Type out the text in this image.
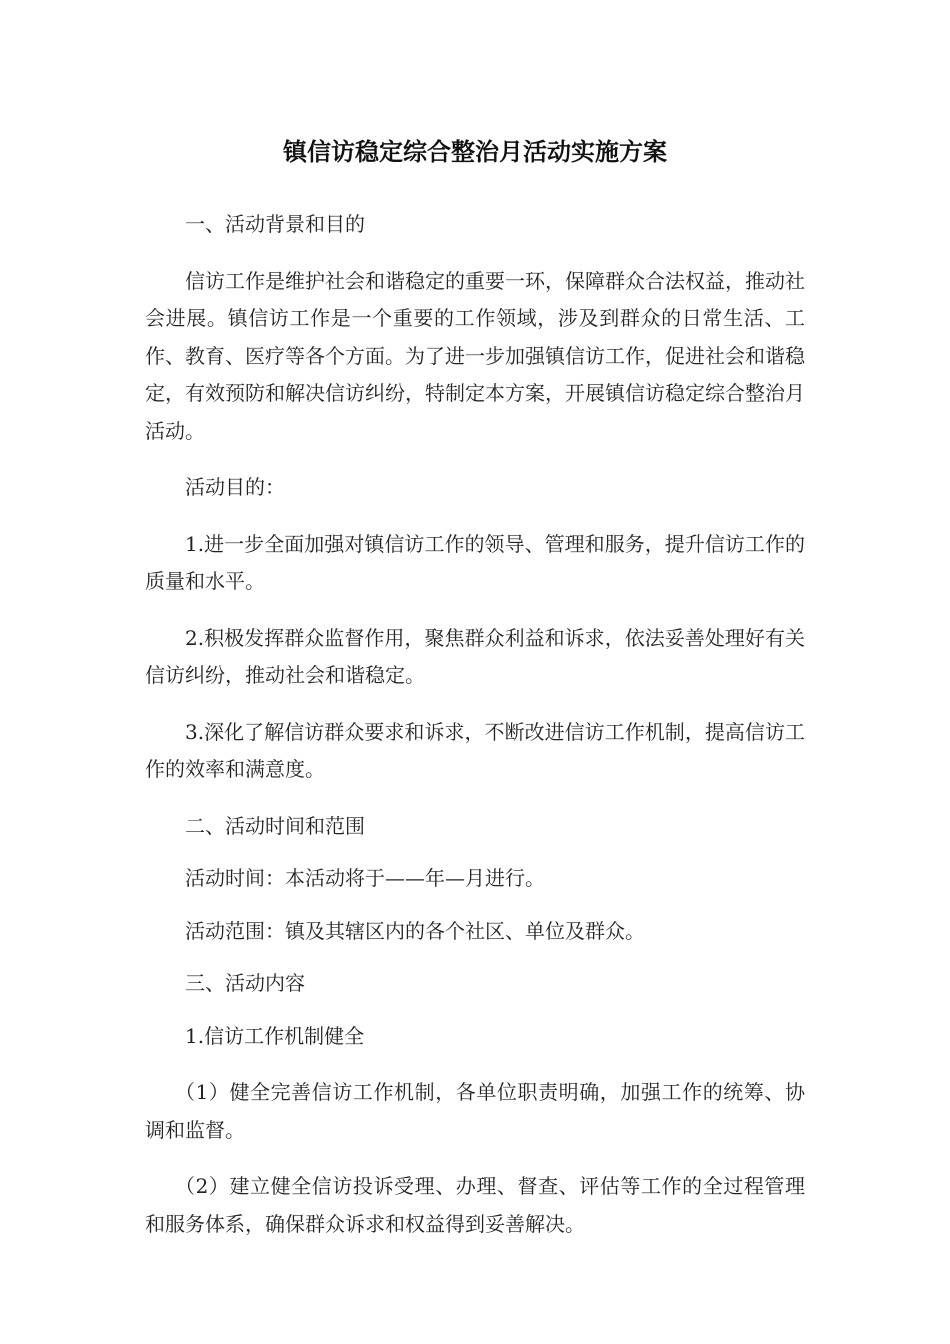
镇信访稳定综合整治月活动实施方案

一、活动背景和目的

信访工作是维护社会和谐稳定的重要一环，保障群众合法权益，推动社会进展。镇信访工作是一个重要的工作领域，涉及到群众的日常生活、工作、教育、医疗等各个方面。为了进一步加强镇信访工作，促进社会和谐稳定，有效预防和解决信访纠纷，特制定本方案，开展镇信访稳定综合整治月活动。

活动目的：

1.进一步全面加强对镇信访工作的领导、管理和服务，提升信访工作的质量和水平。

2.积极发挥群众监督作用，聚焦群众利益和诉求，依法妥善处理好有关信访纠纷，推动社会和谐稳定。

3.深化了解信访群众要求和诉求，不断改进信访工作机制，提高信访工作的效率和满意度。

二、活动时间和范围

活动时间：本活动将于——年—月进行。

活动范围：镇及其辖区内的各个社区、单位及群众。

三、活动内容

1.信访工作机制健全

（1）健全完善信访工作机制，各单位职责明确，加强工作的统筹、协调和监督。

（2）建立健全信访投诉受理、办理、督查、评估等工作的全过程管理和服务体系，确保群众诉求和权益得到妥善解决。
